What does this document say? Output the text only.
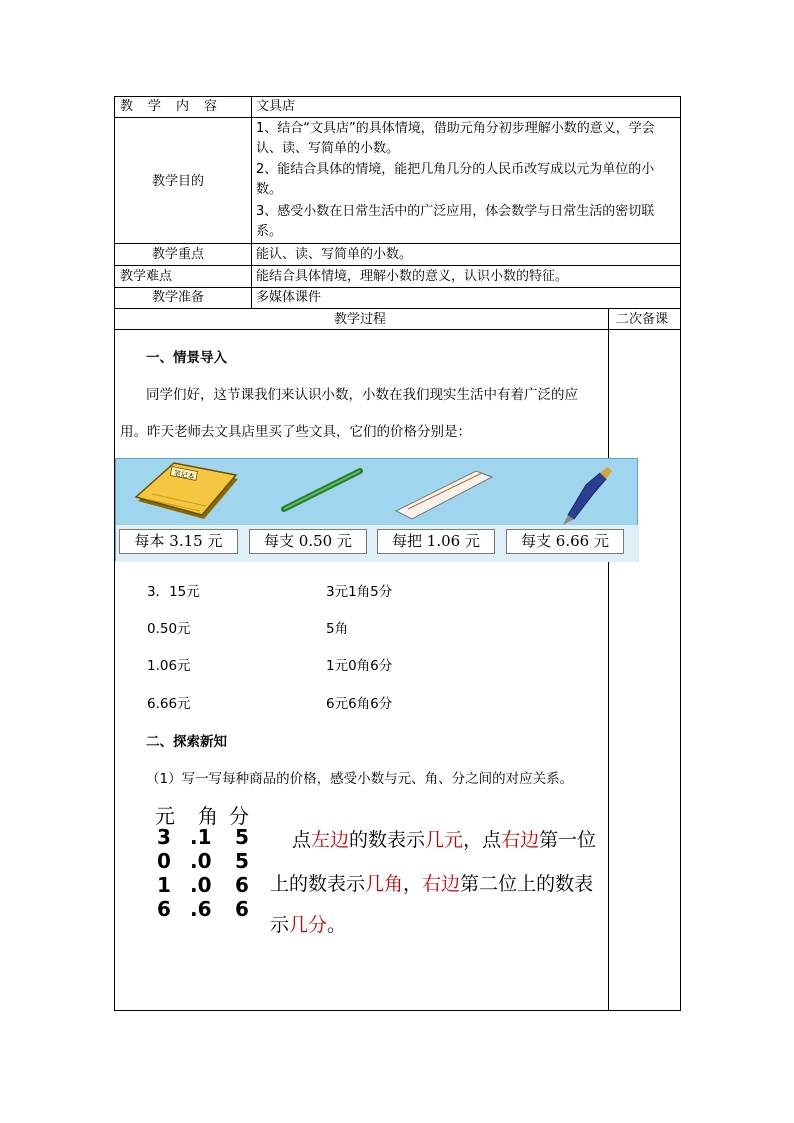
教　学　内　容	文具店
教学目的
1、结合“文具店”的具体情境，借助元角分初步理解小数的意义，学会认、读、写简单的小数。
2、能结合具体的情境，能把几角几分的人民币改写成以元为单位的小数。
3、感受小数在日常生活中的广泛应用，体会数学与日常生活的密切联系。
教学重点	能认、读、写简单的小数。
教学难点	能结合具体情境，理解小数的意义，认识小数的特征。
教学准备	多媒体课件
教学过程	二次备课
一、情景导入
同学们好，这节课我们来认识小数，小数在我们现实生活中有着广泛的应
用。昨天老师去文具店里买了些文具，它们的价格分别是：
笔记本
每本 3.15 元	每支 0.50 元	每把 1.06 元	每支 6.66 元
3．15元	3元1角5分
0.50元	5角
1.06元	1元0角6分
6.66元	6元6角6分
二、探索新知
（1）写一写每种商品的价格，感受小数与元、角、分之间的对应关系。
元 角 分
3 .1 5
0 .0 5
1 .0 6
6 .6 6
点左边的数表示几元，点右边第一位
上的数表示几角，右边第二位上的数表
示几分。
